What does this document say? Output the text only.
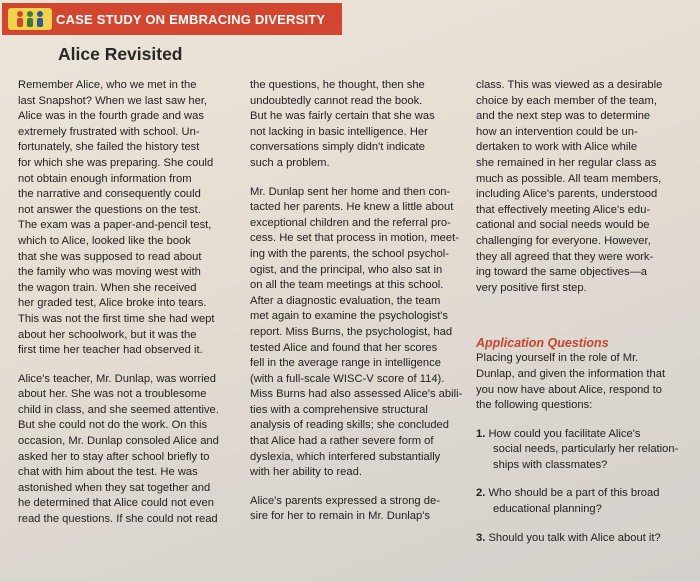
CASE STUDY ON EMBRACING DIVERSITY
Alice Revisited

Remember Alice, who we met in the

last Snapshot? When we last saw her,

Alice was in the fourth grade and was

extremely frustrated with school. Un-

fortunately, she failed the history test

for which she was preparing. She could

not obtain enough information from

the narrative and consequently could

not answer the questions on the test.

The exam was a paper-and-pencil test,

which to Alice, looked like the book

that she was supposed to read about

the family who was moving west with

the wagon train. When she received

her graded test, Alice broke into tears.

This was not the first time she had wept

about her schoolwork, but it was the

first time her teacher had observed it.

Alice's teacher, Mr. Dunlap, was worried

about her. She was not a troublesome

child in class, and she seemed attentive.

But she could not do the work. On this

occasion, Mr. Dunlap consoled Alice and

asked her to stay after school briefly to

chat with him about the test. He was

astonished when they sat together and

he determined that Alice could not even

read the questions. If she could not read

the questions, he thought, then she

undoubtedly cannot read the book.

But he was fairly certain that she was

not lacking in basic intelligence. Her

conversations simply didn't indicate

such a problem.

Mr. Dunlap sent her home and then con-

tacted her parents. He knew a little about

exceptional children and the referral pro-

cess. He set that process in motion, meet-

ing with the parents, the school psychol-

ogist, and the principal, who also sat in

on all the team meetings at this school.

After a diagnostic evaluation, the team

met again to examine the psychologist's

report. Miss Burns, the psychologist, had

tested Alice and found that her scores

fell in the average range in intelligence

(with a full-scale WISC-V score of 114).

Miss Burns had also assessed Alice's abili-

ties with a comprehensive structural

analysis of reading skills; she concluded

that Alice had a rather severe form of

dyslexia, which interfered substantially

with her ability to read.

Alice's parents expressed a strong de-

sire for her to remain in Mr. Dunlap's

class. This was viewed as a desirable

choice by each member of the team,

and the next step was to determine

how an intervention could be un-

dertaken to work with Alice while

she remained in her regular class as

much as possible. All team members,

including Alice's parents, understood

that effectively meeting Alice's edu-

cational and social needs would be

challenging for everyone. However,

they all agreed that they were work-

ing toward the same objectives—a

very positive first step.

Application Questions

Placing yourself in the role of Mr.

Dunlap, and given the information that

you now have about Alice, respond to

the following questions:

1. How could you facilitate Alice's

social needs, particularly her relation-

ships with classmates?

2. Who should be a part of this broad

educational planning?

3. Should you talk with Alice about it?
